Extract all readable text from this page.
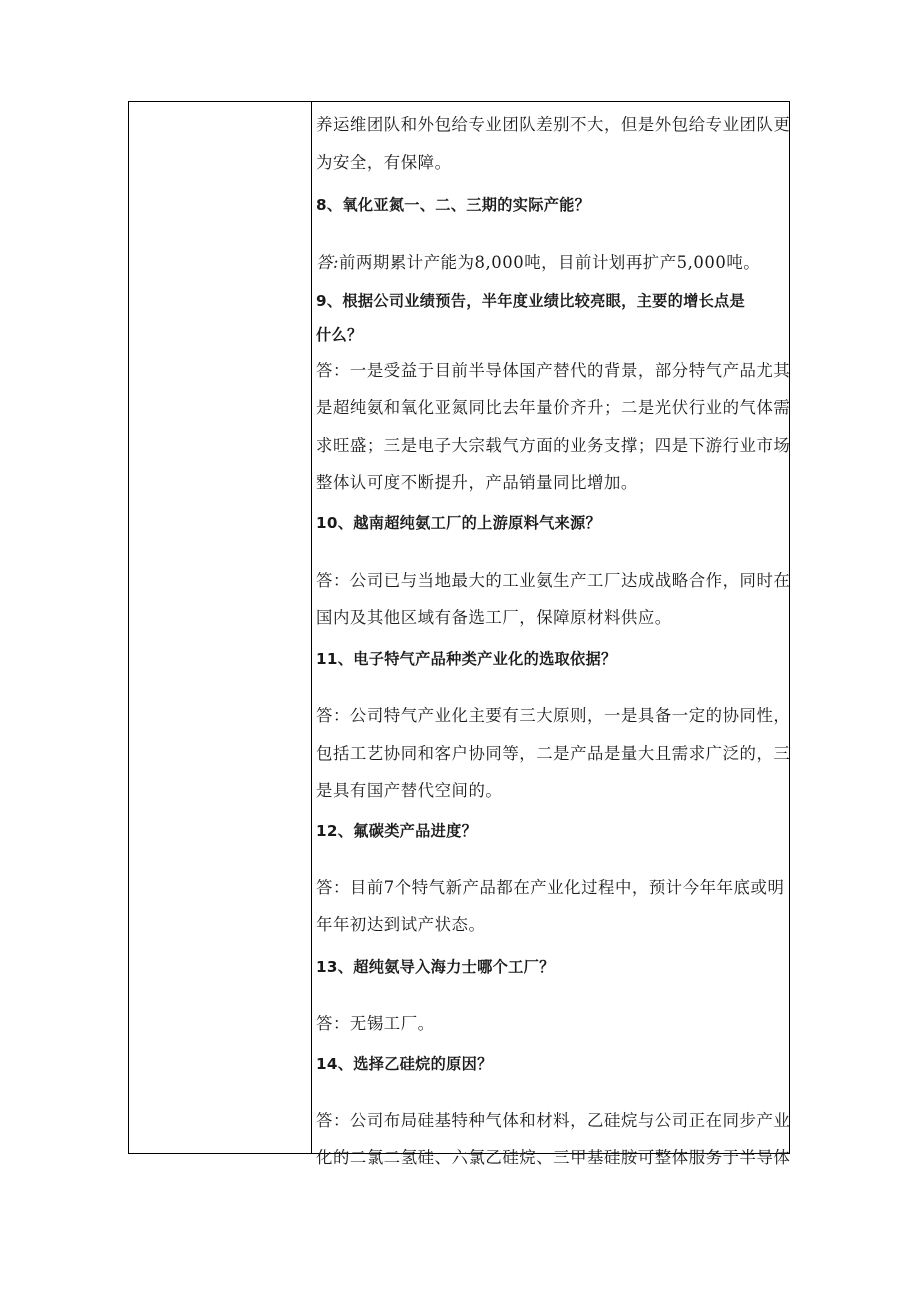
养运维团队和外包给专业团队差别不大，但是外包给专业团队更
为安全，有保障。
8、氧化亚氮一、二、三期的实际产能？
答:前两期累计产能为8,000吨，目前计划再扩产5,000吨。
9、根据公司业绩预告，半年度业绩比较亮眼，主要的增长点是
什么？
答：一是受益于目前半导体国产替代的背景，部分特气产品尤其
是超纯氨和氧化亚氮同比去年量价齐升；二是光伏行业的气体需
求旺盛；三是电子大宗载气方面的业务支撑；四是下游行业市场
整体认可度不断提升，产品销量同比增加。
10、越南超纯氨工厂的上游原料气来源？
答：公司已与当地最大的工业氨生产工厂达成战略合作，同时在
国内及其他区域有备选工厂，保障原材料供应。
11、电子特气产品种类产业化的选取依据？
答：公司特气产业化主要有三大原则，一是具备一定的协同性，
包括工艺协同和客户协同等，二是产品是量大且需求广泛的，三
是具有国产替代空间的。
12、氟碳类产品进度？
答：目前7个特气新产品都在产业化过程中，预计今年年底或明
年年初达到试产状态。
13、超纯氨导入海力士哪个工厂？
答：无锡工厂。
14、选择乙硅烷的原因？
答：公司布局硅基特种气体和材料，乙硅烷与公司正在同步产业
化的二氯二氢硅、六氯乙硅烷、三甲基硅胺可整体服务于半导体
